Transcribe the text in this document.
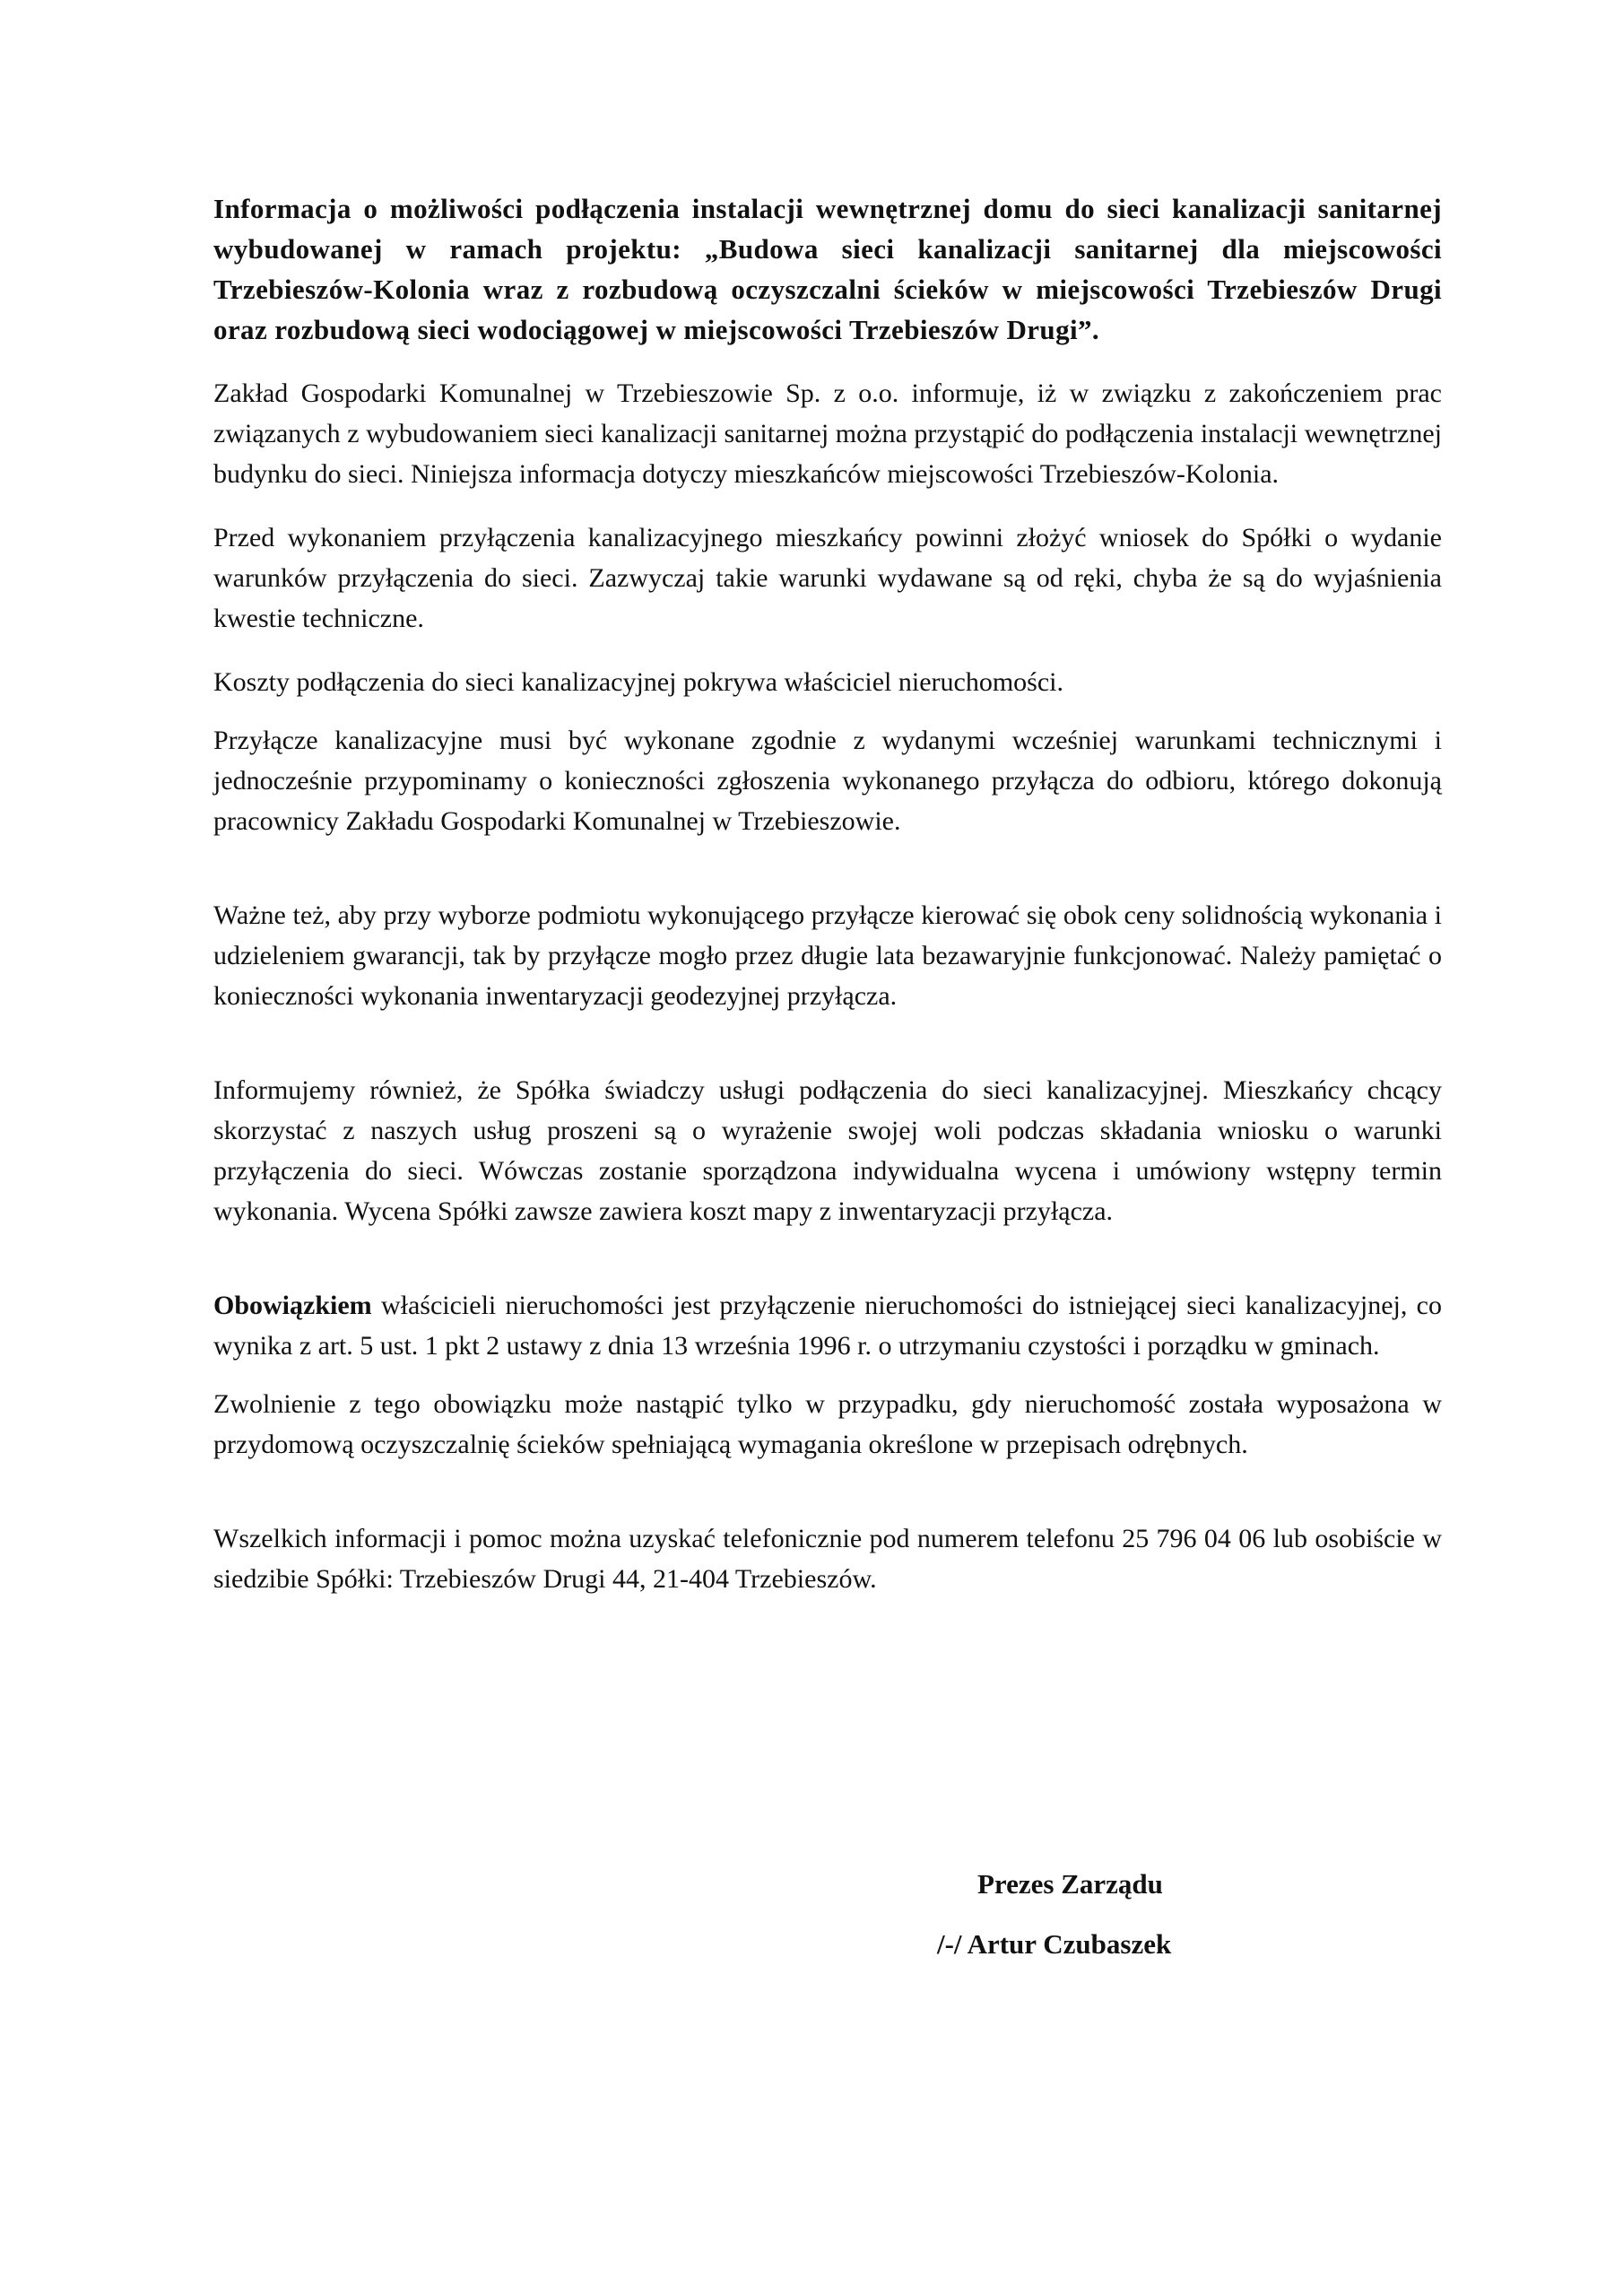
Informacja o możliwości podłączenia instalacji wewnętrznej domu do sieci kanalizacji sanitarnej wybudowanej w ramach projektu: „Budowa sieci kanalizacji sanitarnej dla miejscowości Trzebieszów-Kolonia wraz z rozbudową oczyszczalni ścieków w miejscowości Trzebieszów Drugi oraz rozbudową sieci wodociągowej w miejscowości Trzebieszów Drugi”.

Zakład Gospodarki Komunalnej w Trzebieszowie Sp. z o.o. informuje, iż w związku z zakończeniem prac związanych z wybudowaniem sieci kanalizacji sanitarnej można przystąpić do podłączenia instalacji wewnętrznej budynku do sieci. Niniejsza informacja dotyczy mieszkańców miejscowości Trzebieszów-Kolonia.

Przed wykonaniem przyłączenia kanalizacyjnego mieszkańcy powinni złożyć wniosek do Spółki o wydanie warunków przyłączenia do sieci. Zazwyczaj takie warunki wydawane są od ręki, chyba że są do wyjaśnienia kwestie techniczne.

Koszty podłączenia do sieci kanalizacyjnej pokrywa właściciel nieruchomości.

Przyłącze kanalizacyjne musi być wykonane zgodnie z wydanymi wcześniej warunkami technicznymi i jednocześnie przypominamy o konieczności zgłoszenia wykonanego przyłącza do odbioru, którego dokonują pracownicy Zakładu Gospodarki Komunalnej w Trzebieszowie.

Ważne też, aby przy wyborze podmiotu wykonującego przyłącze kierować się obok ceny solidnością wykonania i udzieleniem gwarancji, tak by przyłącze mogło przez długie lata bezawaryjnie funkcjonować. Należy pamiętać o konieczności wykonania inwentaryzacji geodezyjnej przyłącza.

Informujemy również, że Spółka świadczy usługi podłączenia do sieci kanalizacyjnej. Mieszkańcy chcący skorzystać z naszych usług proszeni są o wyrażenie swojej woli podczas składania wniosku o warunki przyłączenia do sieci. Wówczas zostanie sporządzona indywidualna wycena i umówiony wstępny termin wykonania. Wycena Spółki zawsze zawiera koszt mapy z inwentaryzacji przyłącza.

Obowiązkiem właścicieli nieruchomości jest przyłączenie nieruchomości do istniejącej sieci kanalizacyjnej, co wynika z art. 5 ust. 1 pkt 2 ustawy z dnia 13 września 1996 r. o utrzymaniu czystości i porządku w gminach.

Zwolnienie z tego obowiązku może nastąpić tylko w przypadku, gdy nieruchomość została wyposażona w przydomową oczyszczalnię ścieków spełniającą wymagania określone w przepisach odrębnych.

Wszelkich informacji i pomoc można uzyskać telefonicznie pod numerem telefonu 25 796 04 06 lub osobiście w siedzibie Spółki: Trzebieszów Drugi 44, 21-404 Trzebieszów.

Prezes Zarządu
/-/ Artur Czubaszek
